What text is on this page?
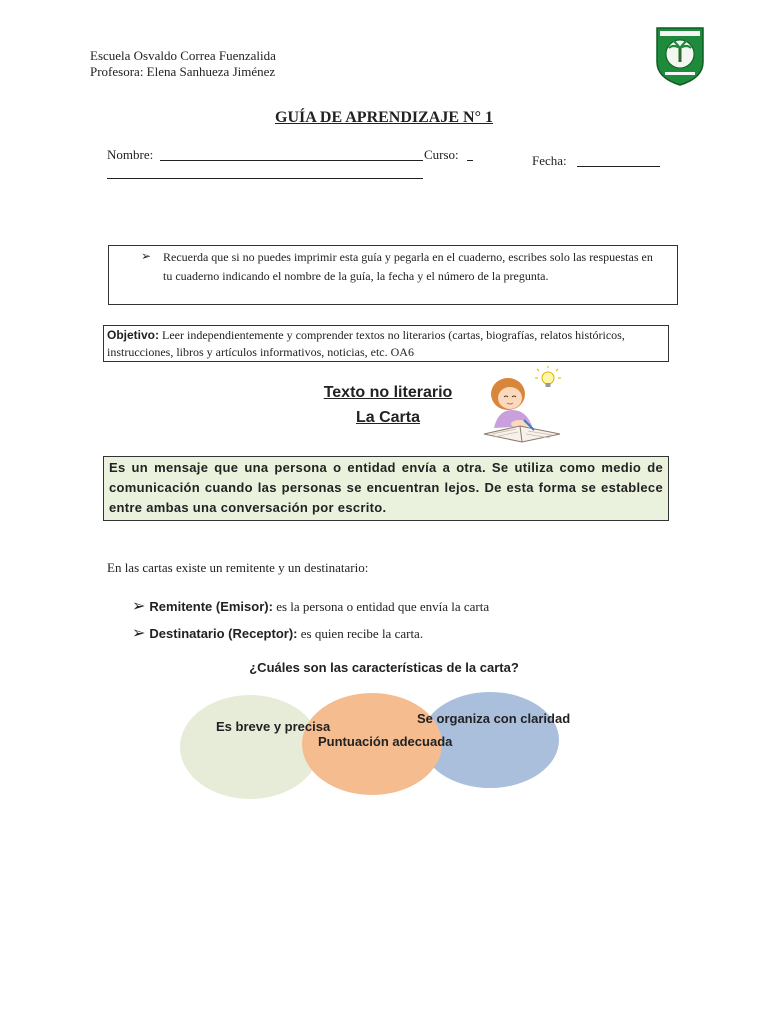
Escuela Osvaldo Correa Fuenzalida
Profesora: Elena Sanhueza Jiménez
GUÍA DE APRENDIZAJE N° 1
Nombre:	Curso:	Fecha:
➢ Recuerda que si no puedes imprimir esta guía y pegarla en el cuaderno, escribes solo las respuestas en tu cuaderno indicando el nombre de la guía, la fecha y el número de la pregunta.
Objetivo: Leer independientemente y comprender textos no literarios (cartas, biografías, relatos históricos, instrucciones, libros y artículos informativos, noticias, etc. OA6
Texto no literario
La Carta
Es un mensaje que una persona o entidad envía a otra. Se utiliza como medio de comunicación cuando las personas se encuentran lejos. De esta forma se establece entre ambas una conversación por escrito.
En las cartas existe un remitente y un destinatario:
➢ Remitente (Emisor): es la persona o entidad que envía la carta
➢ Destinatario (Receptor): es quien recibe la carta.
¿Cuáles son las características de la carta?
Es breve y precisa
Se organiza con claridad
Puntuación adecuada
